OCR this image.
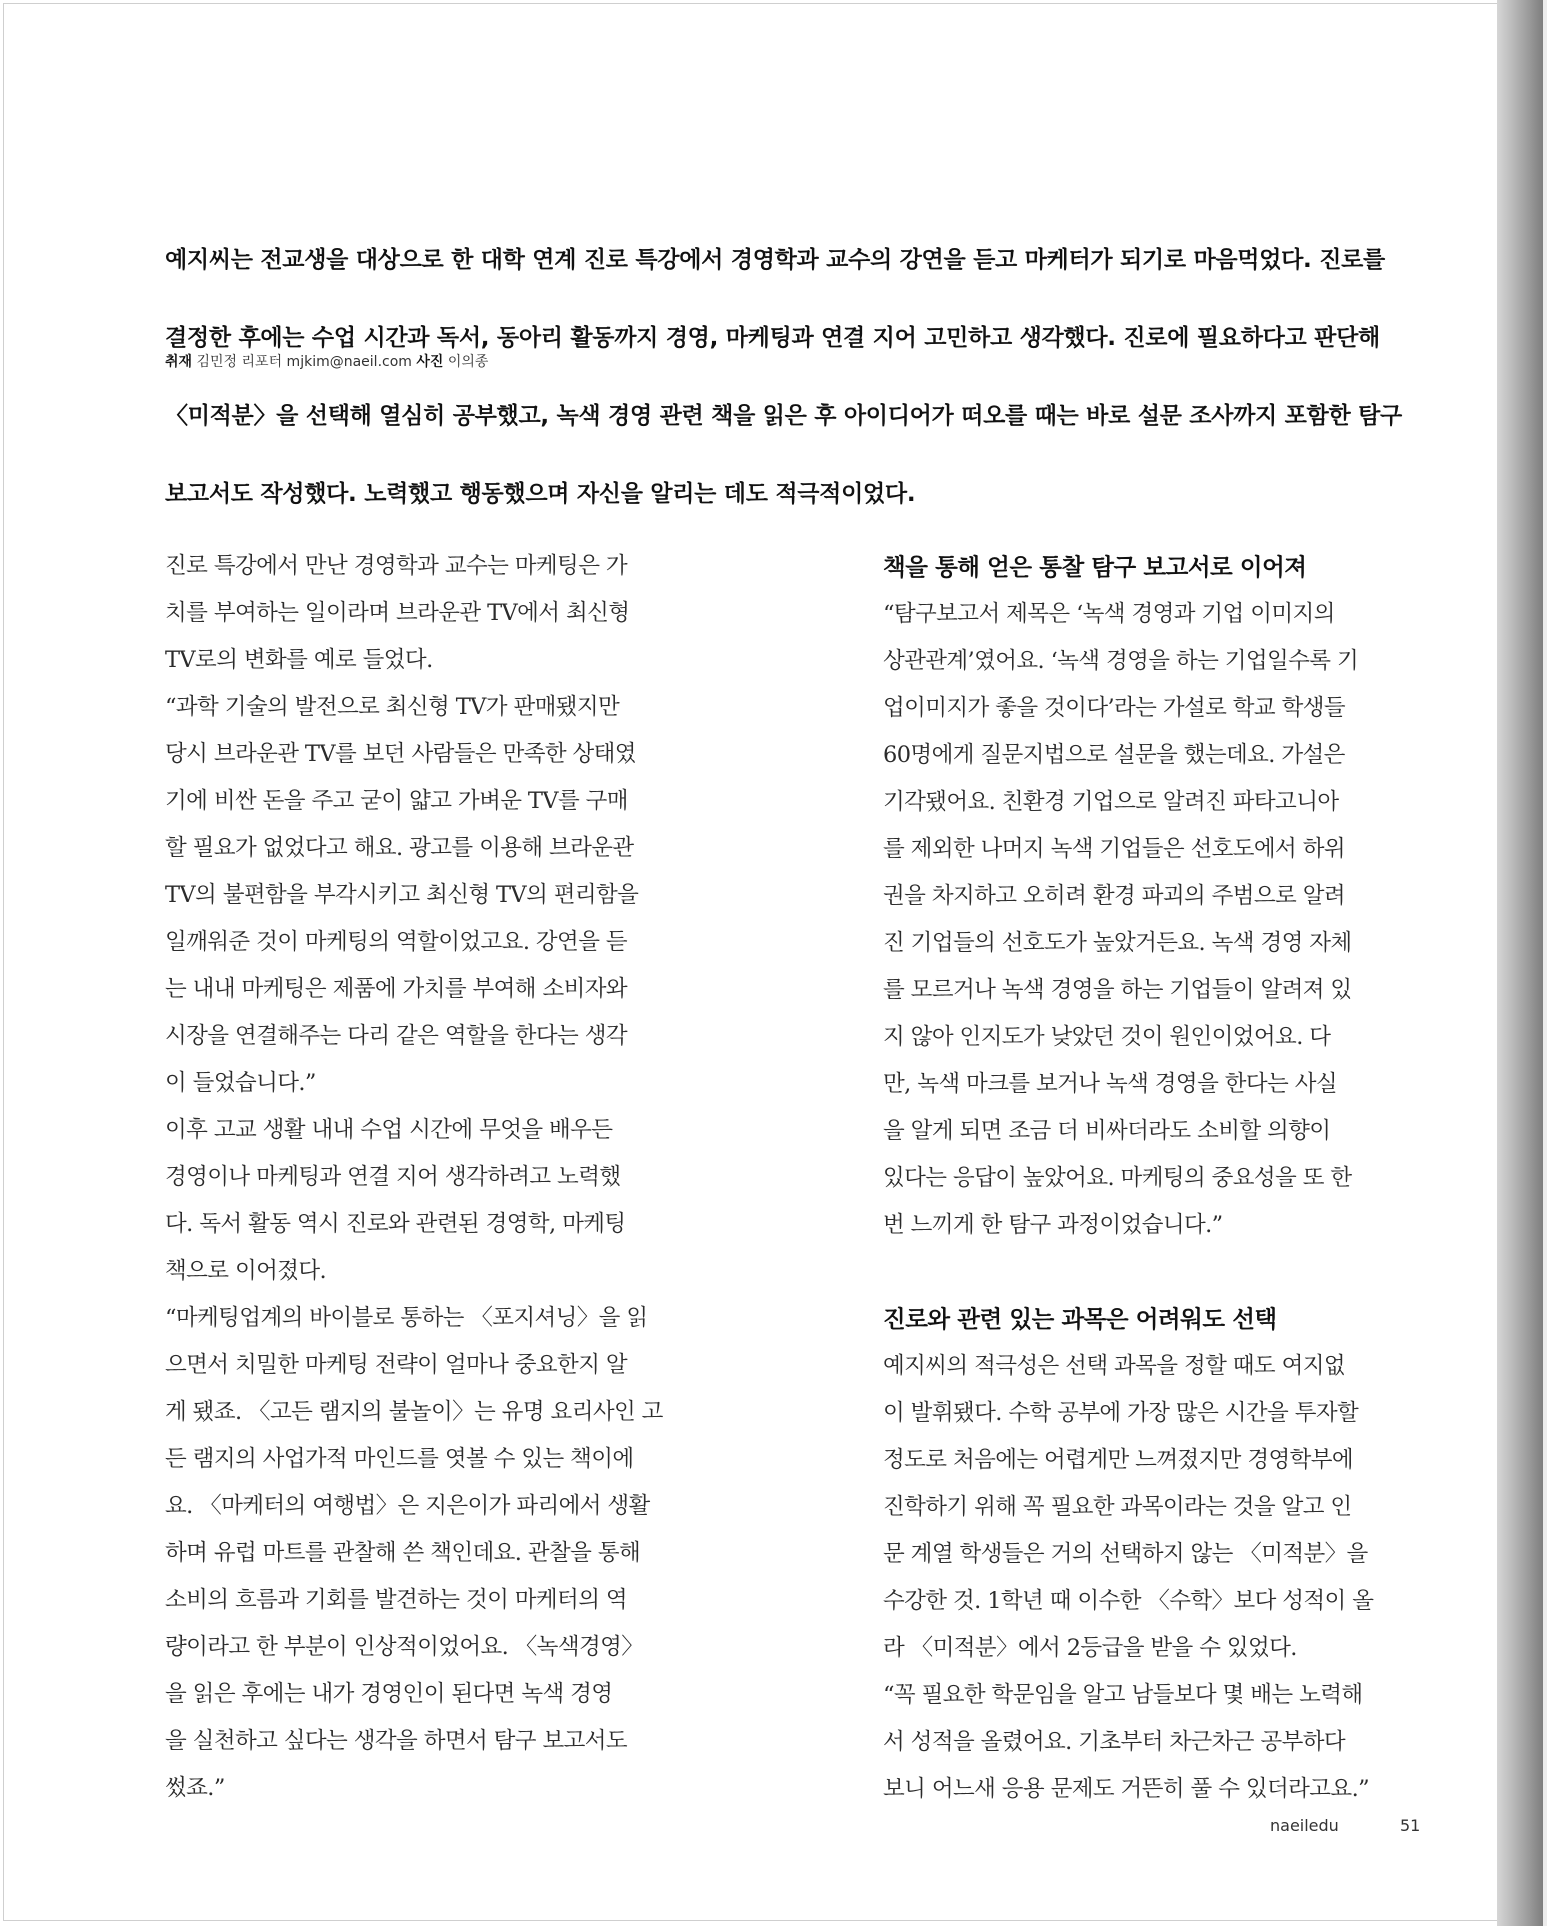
예지씨는 전교생을 대상으로 한 대학 연계 진로 특강에서 경영학과 교수의 강연을 듣고 마케터가 되기로 마음먹었다. 진로를

결정한 후에는 수업 시간과 독서, 동아리 활동까지 경영, 마케팅과 연결 지어 고민하고 생각했다. 진로에 필요하다고 판단해

〈미적분〉을 선택해 열심히 공부했고, 녹색 경영 관련 책을 읽은 후 아이디어가 떠오를 때는 바로 설문 조사까지 포함한 탐구

보고서도 작성했다. 노력했고 행동했으며 자신을 알리는 데도 적극적이었다.

취재 김민정 리포터 mjkim@naeil.com 사진 이의종

진로 특강에서 만난 경영학과 교수는 마케팅은 가
치를 부여하는 일이라며 브라운관 TV에서 최신형
TV로의 변화를 예로 들었다.

“과학 기술의 발전으로 최신형 TV가 판매됐지만
당시 브라운관 TV를 보던 사람들은 만족한 상태였
기에 비싼 돈을 주고 굳이 얇고 가벼운 TV를 구매
할 필요가 없었다고 해요. 광고를 이용해 브라운관
TV의 불편함을 부각시키고 최신형 TV의 편리함을
일깨워준 것이 마케팅의 역할이었고요. 강연을 듣
는 내내 마케팅은 제품에 가치를 부여해 소비자와
시장을 연결해주는 다리 같은 역할을 한다는 생각
이 들었습니다.”

이후 고교 생활 내내 수업 시간에 무엇을 배우든
경영이나 마케팅과 연결 지어 생각하려고 노력했
다. 독서 활동 역시 진로와 관련된 경영학, 마케팅
책으로 이어졌다.

“마케팅업계의 바이블로 통하는 〈포지셔닝〉을 읽
으면서 치밀한 마케팅 전략이 얼마나 중요한지 알
게 됐죠. 〈고든 램지의 불놀이〉는 유명 요리사인 고
든 램지의 사업가적 마인드를 엿볼 수 있는 책이에
요. 〈마케터의 여행법〉은 지은이가 파리에서 생활
하며 유럽 마트를 관찰해 쓴 책인데요. 관찰을 통해
소비의 흐름과 기회를 발견하는 것이 마케터의 역
량이라고 한 부분이 인상적이었어요. 〈녹색경영〉
을 읽은 후에는 내가 경영인이 된다면 녹색 경영
을 실천하고 싶다는 생각을 하면서 탐구 보고서도
썼죠.”

책을 통해 얻은 통찰 탐구 보고서로 이어져

“탐구보고서 제목은 ‘녹색 경영과 기업 이미지의
상관관계’였어요. ‘녹색 경영을 하는 기업일수록 기
업이미지가 좋을 것이다’라는 가설로 학교 학생들
60명에게 질문지법으로 설문을 했는데요. 가설은
기각됐어요. 친환경 기업으로 알려진 파타고니아
를 제외한 나머지 녹색 기업들은 선호도에서 하위
권을 차지하고 오히려 환경 파괴의 주범으로 알려
진 기업들의 선호도가 높았거든요. 녹색 경영 자체
를 모르거나 녹색 경영을 하는 기업들이 알려져 있
지 않아 인지도가 낮았던 것이 원인이었어요. 다
만, 녹색 마크를 보거나 녹색 경영을 한다는 사실
을 알게 되면 조금 더 비싸더라도 소비할 의향이
있다는 응답이 높았어요. 마케팅의 중요성을 또 한
번 느끼게 한 탐구 과정이었습니다.”

진로와 관련 있는 과목은 어려워도 선택

예지씨의 적극성은 선택 과목을 정할 때도 여지없
이 발휘됐다. 수학 공부에 가장 많은 시간을 투자할
정도로 처음에는 어렵게만 느껴졌지만 경영학부에
진학하기 위해 꼭 필요한 과목이라는 것을 알고 인
문 계열 학생들은 거의 선택하지 않는 〈미적분〉을
수강한 것. 1학년 때 이수한 〈수학〉보다 성적이 올
라 〈미적분〉에서 2등급을 받을 수 있었다.

“꼭 필요한 학문임을 알고 남들보다 몇 배는 노력해
서 성적을 올렸어요. 기초부터 차근차근 공부하다
보니 어느새 응용 문제도 거뜬히 풀 수 있더라고요.”

naeiledu	51
